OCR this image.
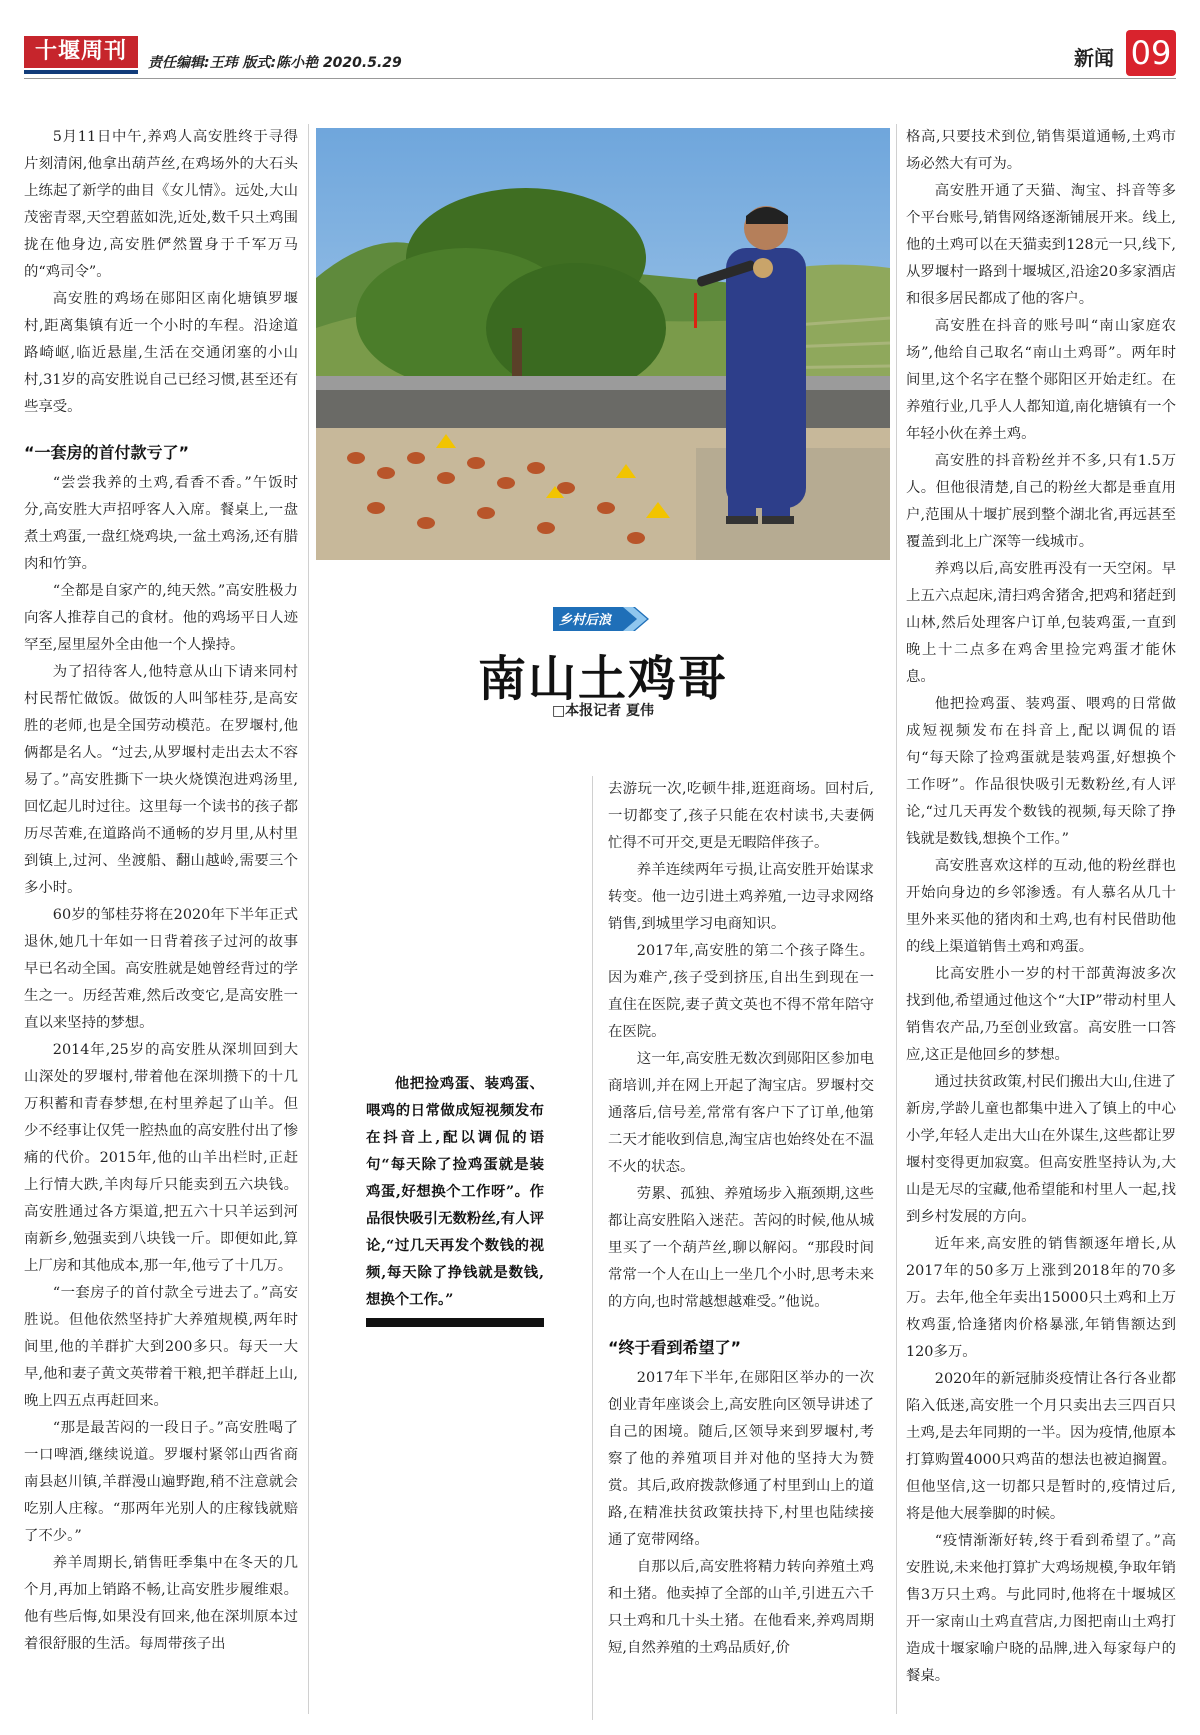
十堰周刊	责任编辑:王玮 版式:陈小艳 2020.5.29	新闻 09

5月11日中午,养鸡人高安胜终于寻得片刻清闲,他拿出葫芦丝,在鸡场外的大石头上练起了新学的曲目《女儿情》。远处,大山茂密青翠,天空碧蓝如洗,近处,数千只土鸡围拢在他身边,高安胜俨然置身于千军万马的“鸡司令”。

高安胜的鸡场在郧阳区南化塘镇罗堰村,距离集镇有近一个小时的车程。沿途道路崎岖,临近悬崖,生活在交通闭塞的小山村,31岁的高安胜说自己已经习惯,甚至还有些享受。

“一套房的首付款亏了”

“尝尝我养的土鸡,看香不香。”午饭时分,高安胜大声招呼客人入席。餐桌上,一盘煮土鸡蛋,一盘红烧鸡块,一盆土鸡汤,还有腊肉和竹笋。

“全都是自家产的,纯天然。”高安胜极力向客人推荐自己的食材。他的鸡场平日人迹罕至,屋里屋外全由他一个人操持。

为了招待客人,他特意从山下请来同村村民帮忙做饭。做饭的人叫邹桂芬,是高安胜的老师,也是全国劳动模范。在罗堰村,他俩都是名人。“过去,从罗堰村走出去太不容易了。”高安胜撕下一块火烧馍泡进鸡汤里,回忆起儿时过往。这里每一个读书的孩子都历尽苦难,在道路尚不通畅的岁月里,从村里到镇上,过河、坐渡船、翻山越岭,需要三个多小时。

60岁的邹桂芬将在2020年下半年正式退休,她几十年如一日背着孩子过河的故事早已名动全国。高安胜就是她曾经背过的学生之一。历经苦难,然后改变它,是高安胜一直以来坚持的梦想。

2014年,25岁的高安胜从深圳回到大山深处的罗堰村,带着他在深圳攒下的十几万积蓄和青春梦想,在村里养起了山羊。但少不经事让仅凭一腔热血的高安胜付出了惨痛的代价。2015年,他的山羊出栏时,正赶上行情大跌,羊肉每斤只能卖到五六块钱。高安胜通过各方渠道,把五六十只羊运到河南新乡,勉强卖到八块钱一斤。即便如此,算上厂房和其他成本,那一年,他亏了十几万。

“一套房子的首付款全亏进去了。”高安胜说。但他依然坚持扩大养殖规模,两年时间里,他的羊群扩大到200多只。每天一大早,他和妻子黄文英带着干粮,把羊群赶上山,晚上四五点再赶回来。

“那是最苦闷的一段日子。”高安胜喝了一口啤酒,继续说道。罗堰村紧邻山西省商南县赵川镇,羊群漫山遍野跑,稍不注意就会吃别人庄稼。“那两年光别人的庄稼钱就赔了不少。”

养羊周期长,销售旺季集中在冬天的几个月,再加上销路不畅,让高安胜步履维艰。他有些后悔,如果没有回来,他在深圳原本过着很舒服的生活。每周带孩子出

乡村后浪
南山土鸡哥
□本报记者 夏伟

他把捡鸡蛋、装鸡蛋、喂鸡的日常做成短视频发布在抖音上,配以调侃的语句“每天除了捡鸡蛋就是装鸡蛋,好想换个工作呀”。作品很快吸引无数粉丝,有人评论,“过几天再发个数钱的视频,每天除了挣钱就是数钱,想换个工作。”

去游玩一次,吃顿牛排,逛逛商场。回村后,一切都变了,孩子只能在农村读书,夫妻俩忙得不可开交,更是无暇陪伴孩子。

养羊连续两年亏损,让高安胜开始谋求转变。他一边引进土鸡养殖,一边寻求网络销售,到城里学习电商知识。

2017年,高安胜的第二个孩子降生。因为难产,孩子受到挤压,自出生到现在一直住在医院,妻子黄文英也不得不常年陪守在医院。

这一年,高安胜无数次到郧阳区参加电商培训,并在网上开起了淘宝店。罗堰村交通落后,信号差,常常有客户下了订单,他第二天才能收到信息,淘宝店也始终处在不温不火的状态。

劳累、孤独、养殖场步入瓶颈期,这些都让高安胜陷入迷茫。苦闷的时候,他从城里买了一个葫芦丝,聊以解闷。“那段时间常常一个人在山上一坐几个小时,思考未来的方向,也时常越想越难受。”他说。

“终于看到希望了”

2017年下半年,在郧阳区举办的一次创业青年座谈会上,高安胜向区领导讲述了自己的困境。随后,区领导来到罗堰村,考察了他的养殖项目并对他的坚持大为赞赏。其后,政府拨款修通了村里到山上的道路,在精准扶贫政策扶持下,村里也陆续接通了宽带网络。

自那以后,高安胜将精力转向养殖土鸡和土猪。他卖掉了全部的山羊,引进五六千只土鸡和几十头土猪。在他看来,养鸡周期短,自然养殖的土鸡品质好,价

格高,只要技术到位,销售渠道通畅,土鸡市场必然大有可为。

高安胜开通了天猫、淘宝、抖音等多个平台账号,销售网络逐渐铺展开来。线上,他的土鸡可以在天猫卖到128元一只,线下,从罗堰村一路到十堰城区,沿途20多家酒店和很多居民都成了他的客户。

高安胜在抖音的账号叫“南山家庭农场”,他给自己取名“南山土鸡哥”。两年时间里,这个名字在整个郧阳区开始走红。在养殖行业,几乎人人都知道,南化塘镇有一个年轻小伙在养土鸡。

高安胜的抖音粉丝并不多,只有1.5万人。但他很清楚,自己的粉丝大都是垂直用户,范围从十堰扩展到整个湖北省,再远甚至覆盖到北上广深等一线城市。

养鸡以后,高安胜再没有一天空闲。早上五六点起床,清扫鸡舍猪舍,把鸡和猪赶到山林,然后处理客户订单,包装鸡蛋,一直到晚上十二点多在鸡舍里捡完鸡蛋才能休息。

他把捡鸡蛋、装鸡蛋、喂鸡的日常做成短视频发布在抖音上,配以调侃的语句“每天除了捡鸡蛋就是装鸡蛋,好想换个工作呀”。作品很快吸引无数粉丝,有人评论,“过几天再发个数钱的视频,每天除了挣钱就是数钱,想换个工作。”

高安胜喜欢这样的互动,他的粉丝群也开始向身边的乡邻渗透。有人慕名从几十里外来买他的猪肉和土鸡,也有村民借助他的线上渠道销售土鸡和鸡蛋。

比高安胜小一岁的村干部黄海波多次找到他,希望通过他这个“大IP”带动村里人销售农产品,乃至创业致富。高安胜一口答应,这正是他回乡的梦想。

通过扶贫政策,村民们搬出大山,住进了新房,学龄儿童也都集中进入了镇上的中心小学,年轻人走出大山在外谋生,这些都让罗堰村变得更加寂寞。但高安胜坚持认为,大山是无尽的宝藏,他希望能和村里人一起,找到乡村发展的方向。

近年来,高安胜的销售额逐年增长,从2017年的50多万上涨到2018年的70多万。去年,他全年卖出15000只土鸡和上万枚鸡蛋,恰逢猪肉价格暴涨,年销售额达到120多万。

2020年的新冠肺炎疫情让各行各业都陷入低迷,高安胜一个月只卖出去三四百只土鸡,是去年同期的一半。因为疫情,他原本打算购置4000只鸡苗的想法也被迫搁置。但他坚信,这一切都只是暂时的,疫情过后,将是他大展拳脚的时候。

“疫情渐渐好转,终于看到希望了。”高安胜说,未来他打算扩大鸡场规模,争取年销售3万只土鸡。与此同时,他将在十堰城区开一家南山土鸡直营店,力图把南山土鸡打造成十堰家喻户晓的品牌,进入每家每户的餐桌。
